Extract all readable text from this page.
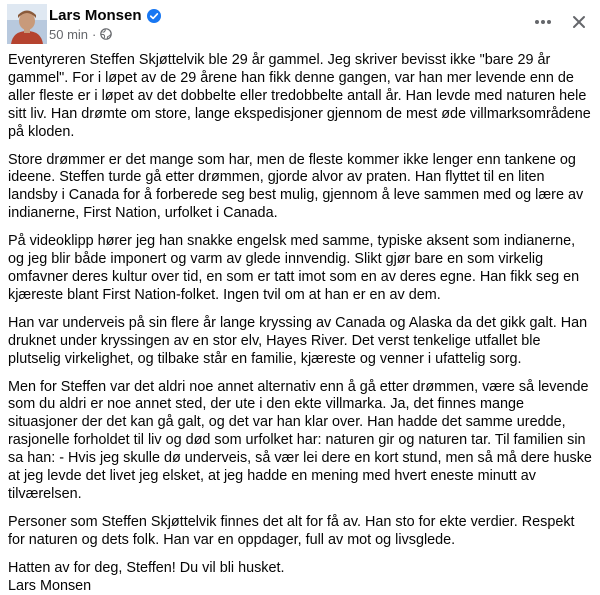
Lars Monsen
50 min ·

Eventyreren Steffen Skjøttelvik ble 29 år gammel. Jeg skriver bevisst ikke "bare 29 år gammel". For i løpet av de 29 årene han fikk denne gangen, var han mer levende enn de aller fleste er i løpet av det dobbelte eller tredobbelte antall år. Han levde med naturen hele sitt liv. Han drømte om store, lange ekspedisjoner gjennom de mest øde villmarksområdene på kloden.

Store drømmer er det mange som har, men de fleste kommer ikke lenger enn tankene og ideene. Steffen turde gå etter drømmen, gjorde alvor av praten. Han flyttet til en liten landsby i Canada for å forberede seg best mulig, gjennom å leve sammen med og lære av indianerne, First Nation, urfolket i Canada.

På videoklipp hører jeg han snakke engelsk med samme, typiske aksent som indianerne, og jeg blir både imponert og varm av glede innvendig. Slikt gjør bare en som virkelig omfavner deres kultur over tid, en som er tatt imot som en av deres egne. Han fikk seg en kjæreste blant First Nation-folket. Ingen tvil om at han er en av dem.

Han var underveis på sin flere år lange kryssing av Canada og Alaska da det gikk galt. Han druknet under kryssingen av en stor elv, Hayes River. Det verst tenkelige utfallet ble plutselig virkelighet, og tilbake står en familie, kjæreste og venner i ufattelig sorg.

Men for Steffen var det aldri noe annet alternativ enn å gå etter drømmen, være så levende som du aldri er noe annet sted, der ute i den ekte villmarka. Ja, det finnes mange situasjoner der det kan gå galt, og det var han klar over. Han hadde det samme uredde, rasjonelle forholdet til liv og død som urfolket har: naturen gir og naturen tar. Til familien sin sa han: - Hvis jeg skulle dø underveis, så vær lei dere en kort stund, men så må dere huske at jeg levde det livet jeg elsket, at jeg hadde en mening med hvert eneste minutt av tilværelsen.

Personer som Steffen Skjøttelvik finnes det alt for få av. Han sto for ekte verdier. Respekt for naturen og dets folk. Han var en oppdager, full av mot og livsglede.

Hatten av for deg, Steffen! Du vil bli husket.
Lars Monsen
